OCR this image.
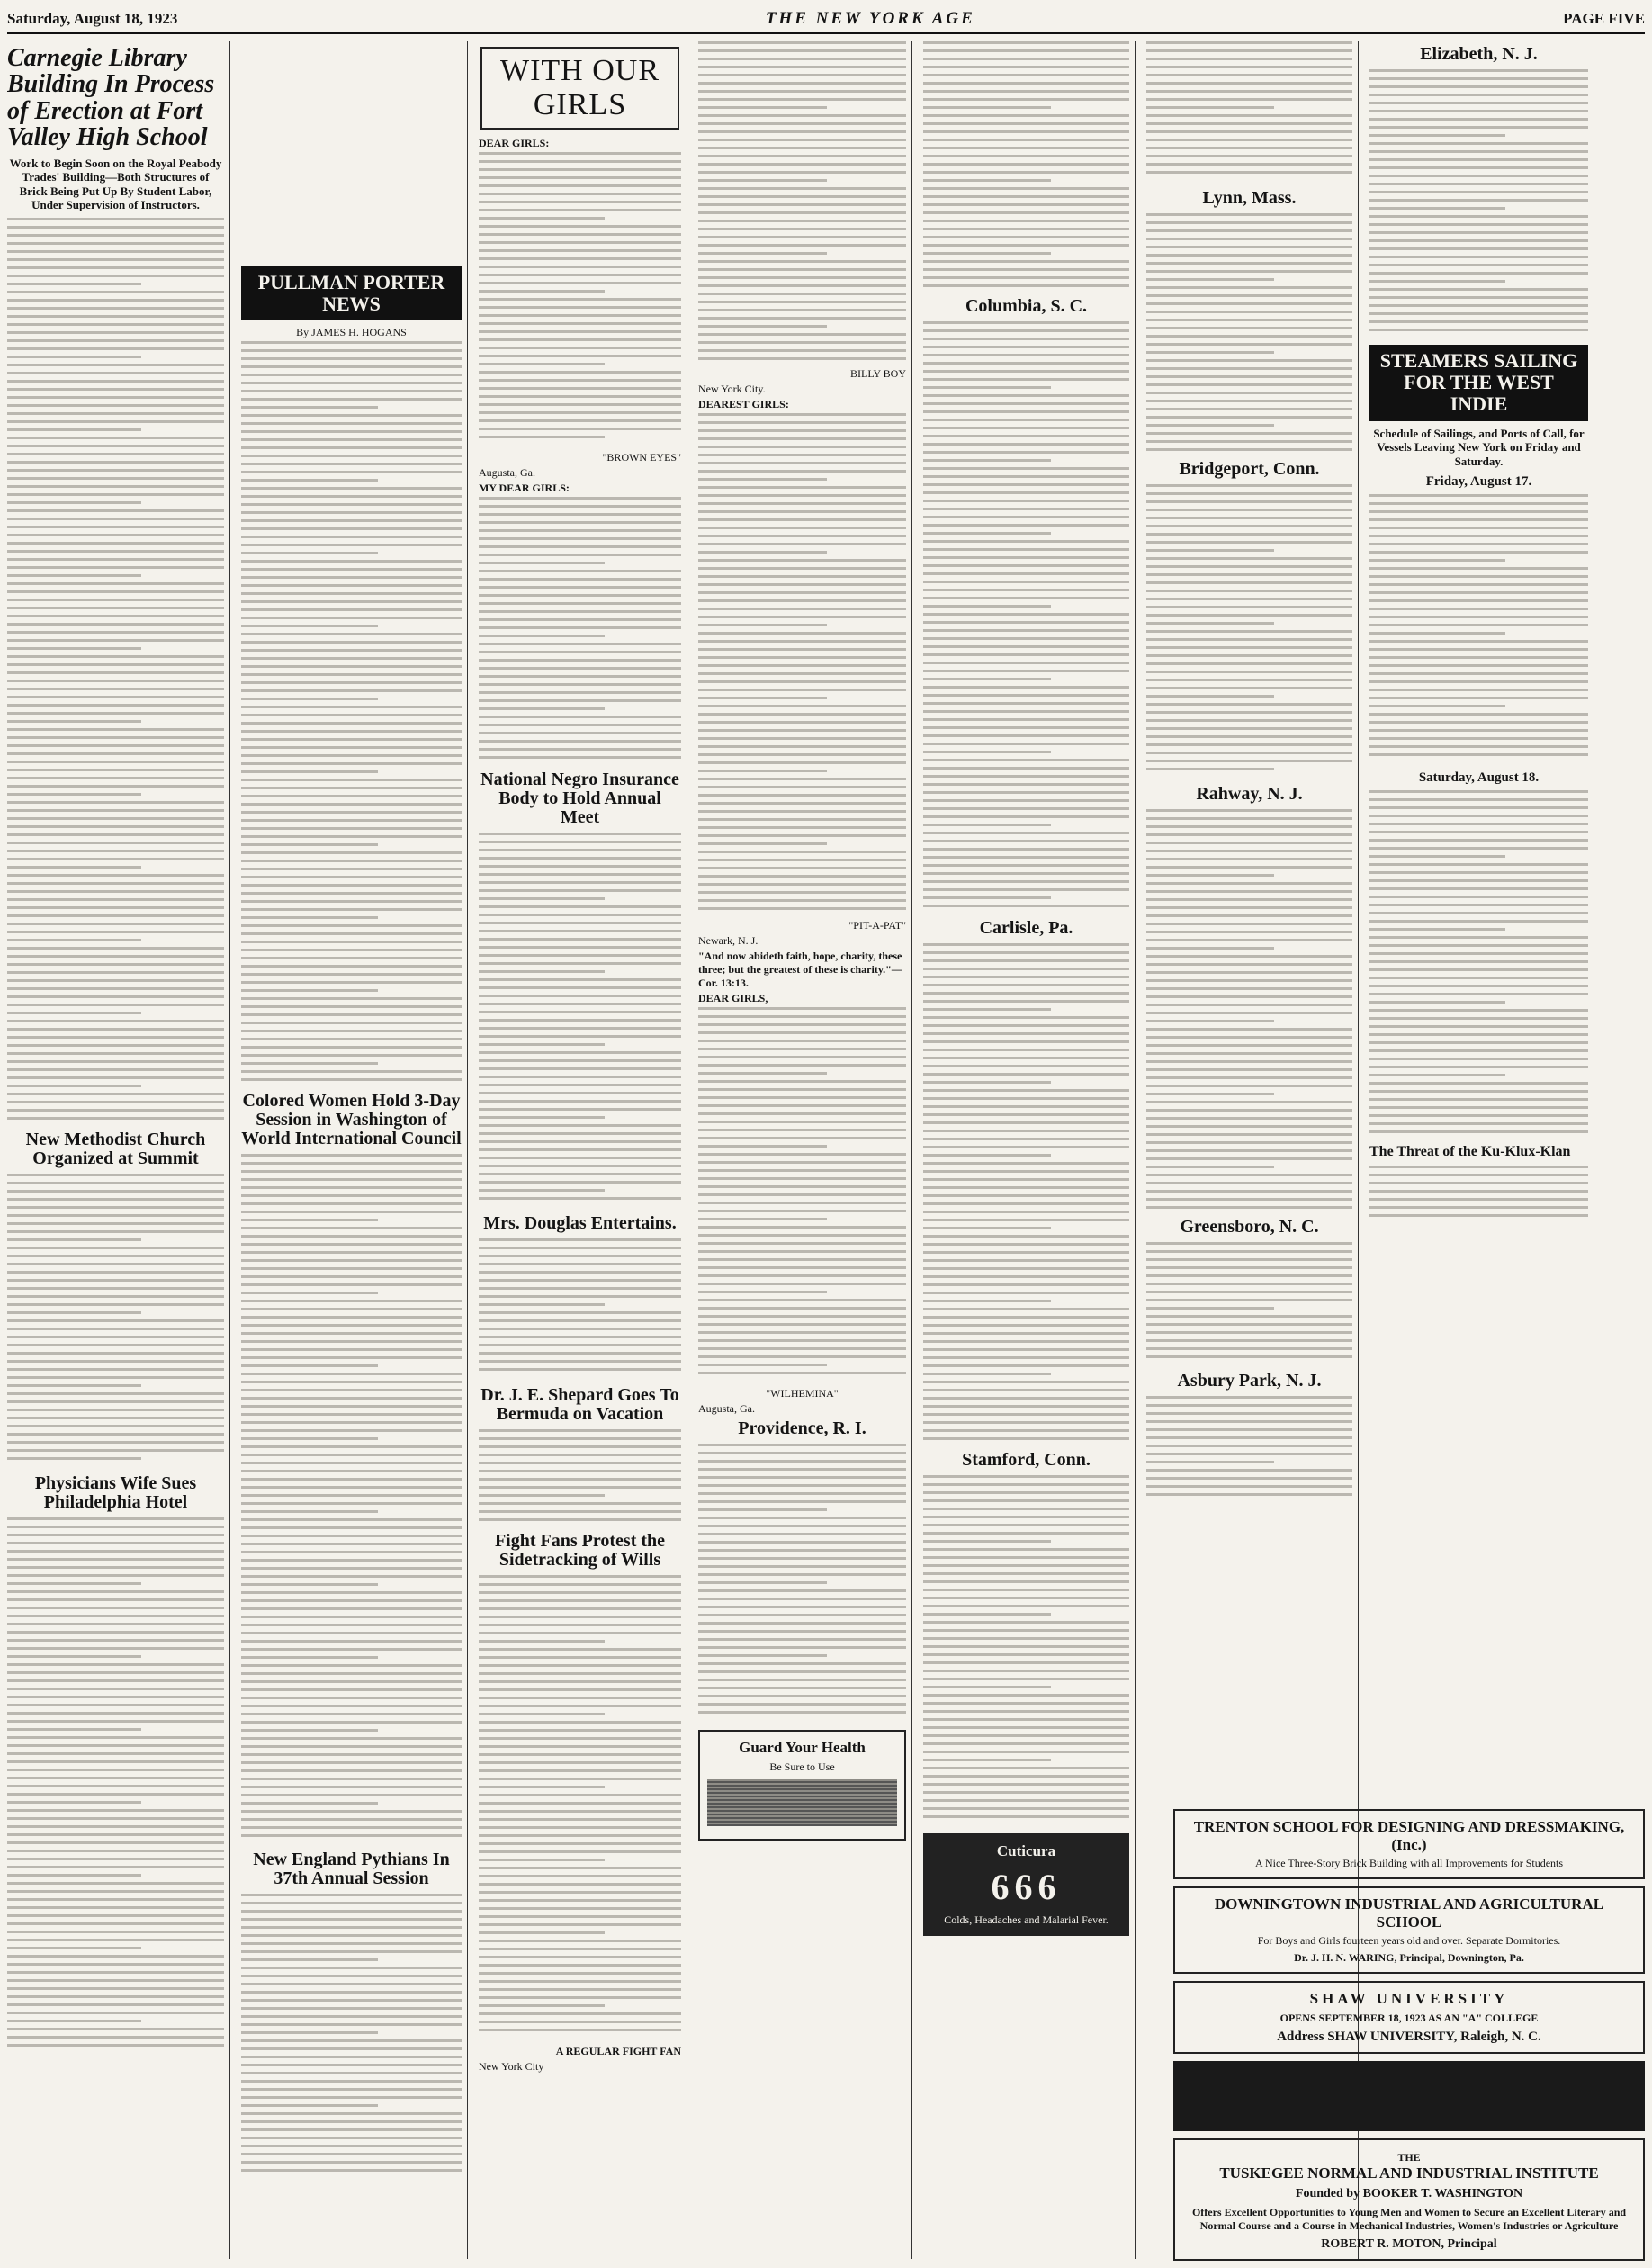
Saturday, August 18, 1923	THE NEW YORK AGE	PAGE FIVE
Carnegie Library Building In Process of Erection at Fort Valley High School
Work to Begin Soon on the Royal Peabody Trades' Building—Both Structures of Brick Being Put Up By Student Labor, Under Supervision of Instructors.
New Methodist Church Organized at Summit
Physicians Wife Sues Philadelphia Hotel
PULLMAN PORTER NEWS
By JAMES H. HOGANS
Colored Women Hold 3-Day Session in Washington of World International Council
New England Pythians In 37th Annual Session
WITH OUR GIRLS
DEAR GIRLS:
"BROWN EYES"
Augusta, Ga.
MY DEAR GIRLS:
National Negro Insurance Body to Hold Annual Meet
Mrs. Douglas Entertains.
Dr. J. E. Shepard Goes To Bermuda on Vacation
Fight Fans Protest the Sidetracking of Wills
A REGULAR FIGHT FAN
New York City
BILLY BOY
New York City.
DEAREST GIRLS:
"PIT-A-PAT"
Newark, N. J.
"And now abideth faith, hope, charity, these three; but the greatest of these is charity."—Cor. 13:13.
DEAR GIRLS,
"WILHEMINA"
Augusta, Ga.
Providence, R. I.
Guard Your Health
Be Sure to Use
Columbia, S. C.
Carlisle, Pa.
Stamford, Conn.
Cuticura
666
Colds, Headaches and Malarial Fever.
Lynn, Mass.
Bridgeport, Conn.
Rahway, N. J.
Greensboro, N. C.
Asbury Park, N. J.
Elizabeth, N. J.
STEAMERS SAILING FOR THE WEST INDIE
Schedule of Sailings, and Ports of Call, for Vessels Leaving New York on Friday and Saturday.
Friday, August 17.
Saturday, August 18.
The Threat of the Ku-Klux-Klan
TRENTON SCHOOL FOR DESIGNING AND DRESSMAKING, (Inc.)
A Nice Three-Story Brick Building with all Improvements for Students
DOWNINGTOWN INDUSTRIAL AND AGRICULTURAL SCHOOL
For Boys and Girls fourteen years old and over. Separate Dormitories.
Dr. J. H. N. WARING, Principal, Downington, Pa.
SHAW UNIVERSITY
OPENS SEPTEMBER 18, 1923 AS AN "A" COLLEGE
Address SHAW UNIVERSITY, Raleigh, N. C.
THE
TUSKEGEE NORMAL AND INDUSTRIAL INSTITUTE
Founded by BOOKER T. WASHINGTON
Offers Excellent Opportunities to Young Men and Women to Secure an Excellent Literary and Normal Course and a Course in Mechanical Industries, Women's Industries or Agriculture
ROBERT R. MOTON, Principal
